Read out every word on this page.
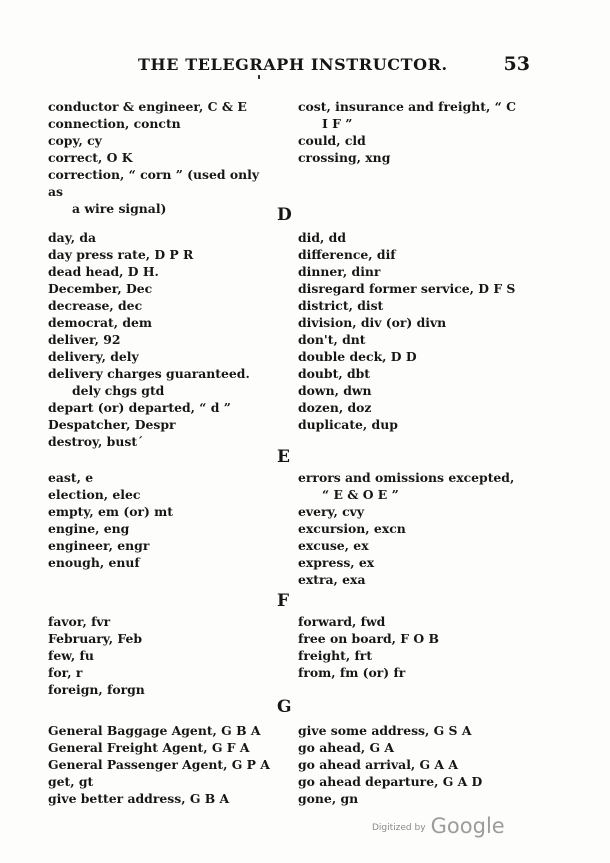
THE TELEGRAPH INSTRUCTOR.	53
conductor & engineer, C & E
connection, conctn
copy, cy
correct, O K
correction, “ corn ” (used only as
a wire signal)
cost, insurance and freight, “ C
I F ”
could, cld
crossing, xng
D
day, da
day press rate, D P R
dead head, D H.
December, Dec
decrease, dec
democrat, dem
deliver, 92
delivery, dely
delivery charges guaranteed.
dely chgs gtd
depart (or) departed, “ d ”
Despatcher, Despr
destroy, bust´
did, dd
difference, dif
dinner, dinr
disregard former service, D F S
district, dist
division, div (or) divn
don't, dnt
double deck, D D
doubt, dbt
down, dwn
dozen, doz
duplicate, dup
E
east, e
election, elec
empty, em (or) mt
engine, eng
engineer, engr
enough, enuf
errors and omissions excepted,
“ E & O E ”
every, cvy
excursion, excn
excuse, ex
express, ex
extra, exa
F
favor, fvr
February, Feb
few, fu
for, r
foreign, forgn
forward, fwd
free on board, F O B
freight, frt
from, fm (or) fr
G
General Baggage Agent, G B A
General Freight Agent, G F A
General Passenger Agent, G P A
get, gt
give better address, G B A
give some address, G S A
go ahead, G A
go ahead arrival, G A A
go ahead departure, G A D
gone, gn
Digitized by Google
